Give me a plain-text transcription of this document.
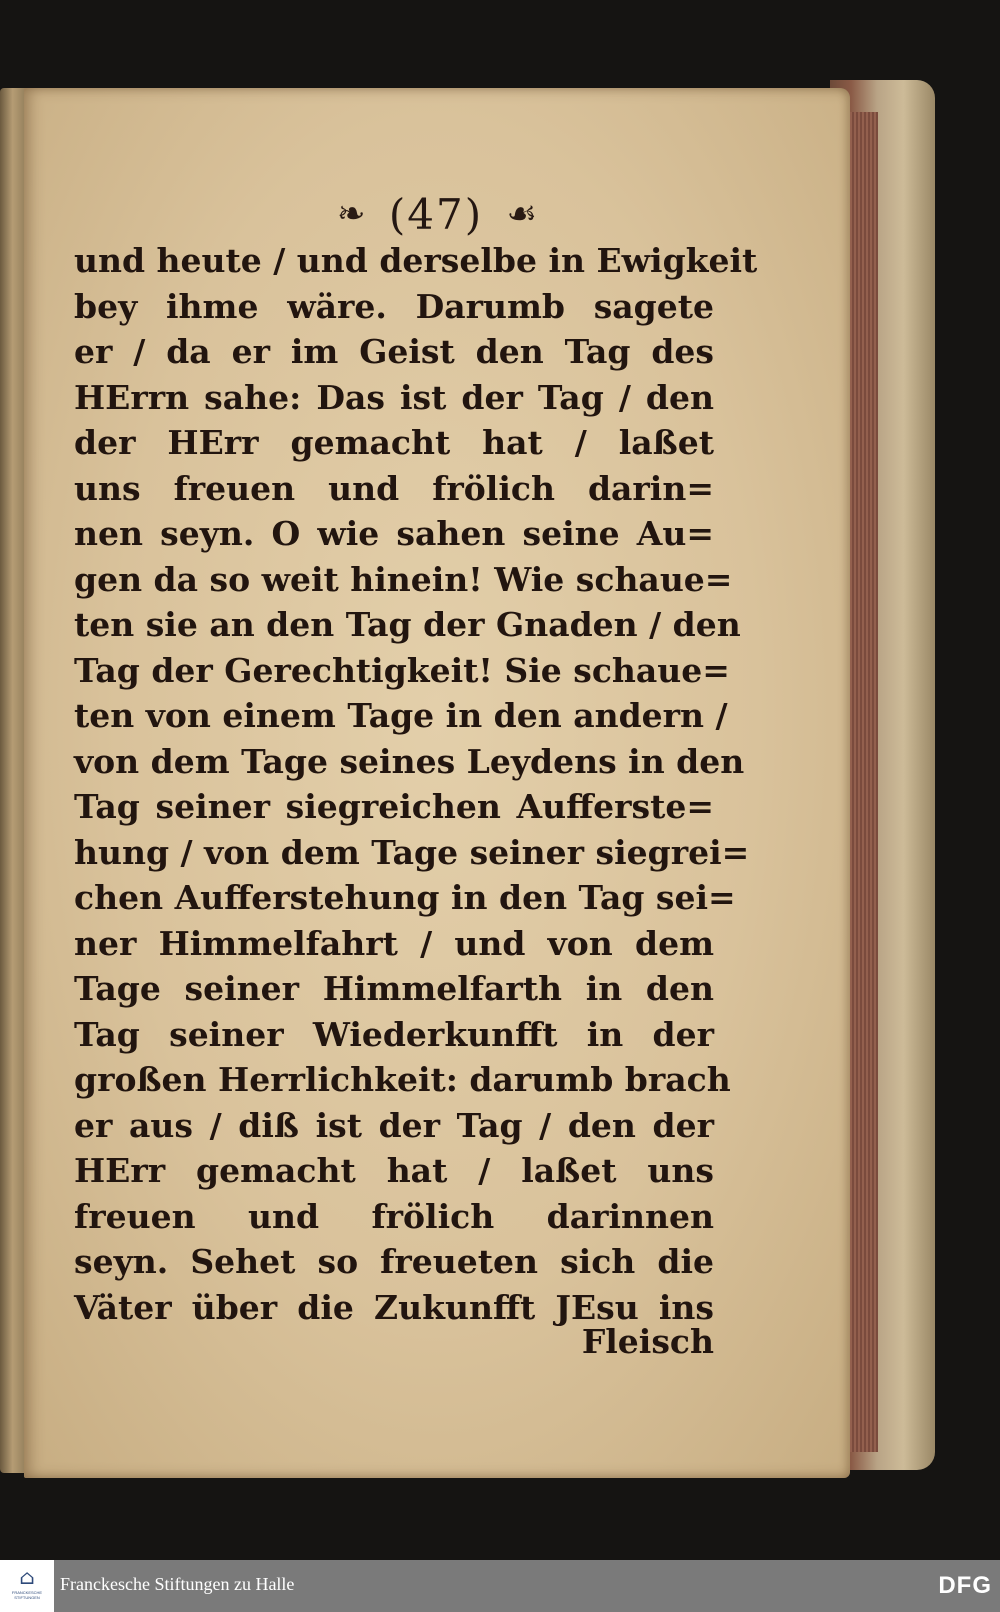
❧ (47) ☙
und heute / und derselbe in Ewigkeit
bey ihme wäre. Darumb sagete
er / da er im Geist den Tag des
HErrn sahe: Das ist der Tag / den
der HErr gemacht hat / laßet
uns freuen und frölich darin=
nen seyn. O wie sahen seine Au=
gen da so weit hinein! Wie schaue=
ten sie an den Tag der Gnaden / den
Tag der Gerechtigkeit! Sie schaue=
ten von einem Tage in den andern /
von dem Tage seines Leydens in den
Tag seiner siegreichen Aufferste=
hung / von dem Tage seiner siegrei=
chen Aufferstehung in den Tag sei=
ner Himmelfahrt / und von dem
Tage seiner Himmelfarth in den
Tag seiner Wiederkunfft in der
großen Herrlichkeit: darumb brach
er aus / diß ist der Tag / den der
HErr gemacht hat / laßet uns
freuen und frölich darinnen
seyn. Sehet so freueten sich die
Väter über die Zukunfft JEsu ins
Fleisch
⌂
FRANCKESCHE STIFTUNGEN
Franckesche Stiftungen zu Halle	DFG
